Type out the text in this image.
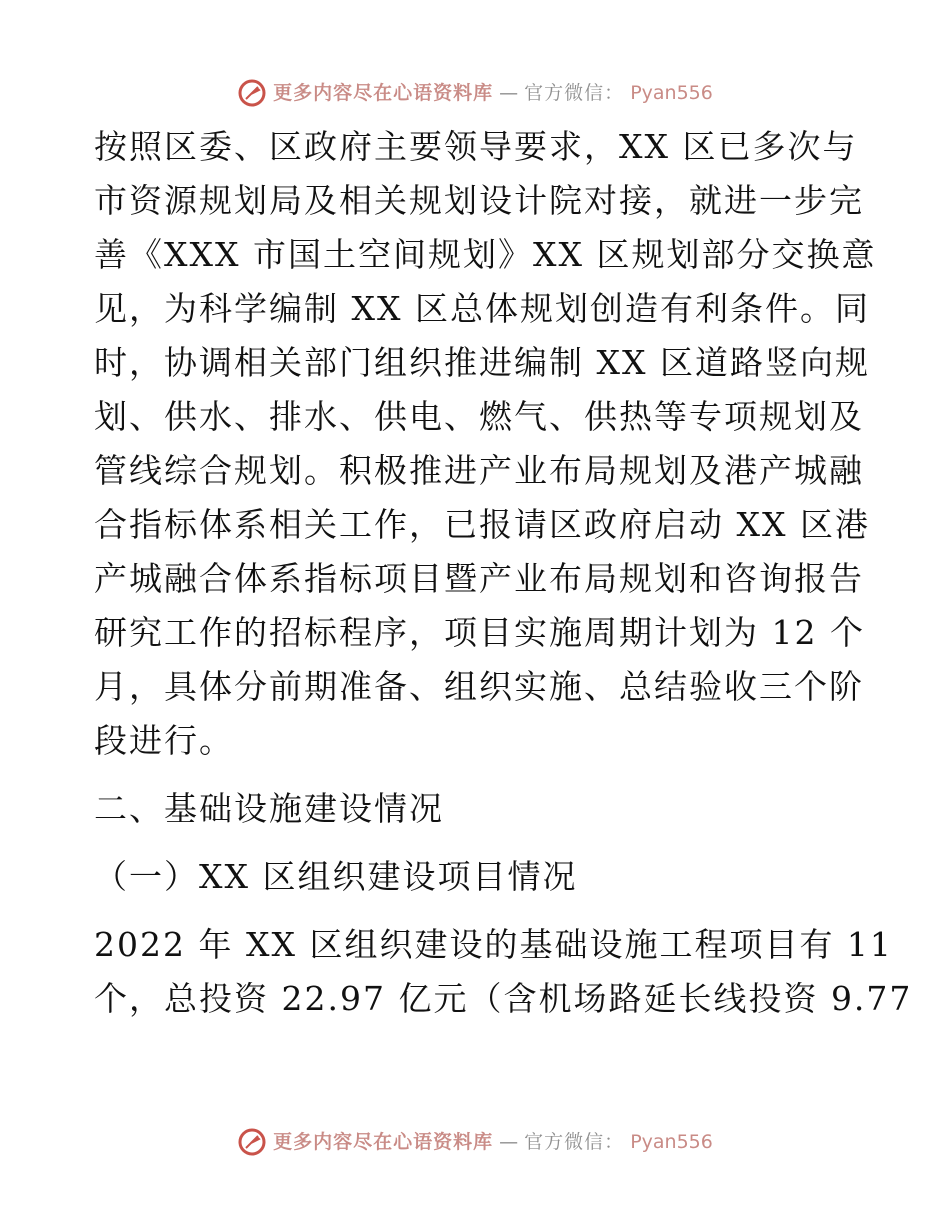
更多内容尽在心语资料库 — 官方微信： Pyan556
按照区委、区政府主要领导要求，XX 区已多次与
市资源规划局及相关规划设计院对接，就进一步完
善《XXX 市国土空间规划》XX 区规划部分交换意
见，为科学编制 XX 区总体规划创造有利条件。同
时，协调相关部门组织推进编制 XX 区道路竖向规
划、供水、排水、供电、燃气、供热等专项规划及
管线综合规划。积极推进产业布局规划及港产城融
合指标体系相关工作，已报请区政府启动 XX 区港
产城融合体系指标项目暨产业布局规划和咨询报告
研究工作的招标程序，项目实施周期计划为 12 个
月，具体分前期准备、组织实施、总结验收三个阶
段进行。
二、基础设施建设情况
（一）XX 区组织建设项目情况
2022 年 XX 区组织建设的基础设施工程项目有 11
个，总投资 22.97 亿元（含机场路延长线投资 9.77
更多内容尽在心语资料库 — 官方微信： Pyan556
